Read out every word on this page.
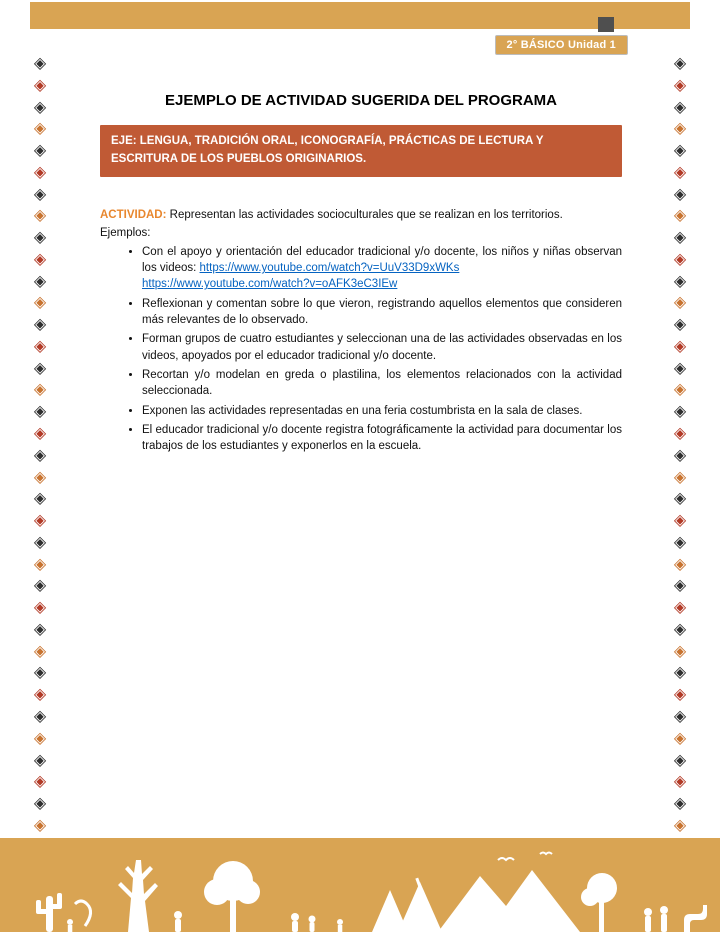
2° BÁSICO Unidad 1
◈
◈
◈
◈
◈
◈
◈
◈
◈
◈
◈
◈
◈
◈
◈
◈
◈
◈
◈
◈
◈
◈
◈
◈
◈
◈
◈
◈
◈
◈
◈
◈
◈
◈
◈
◈
◈
◈
◈
◈
◈
◈
◈
◈
◈
◈
◈
◈
◈
◈
◈
◈
◈
◈
◈
◈
◈
◈
◈
◈
◈
◈
◈
◈
◈
◈
◈
◈
◈
◈
◈
◈
EJEMPLO DE ACTIVIDAD SUGERIDA DEL PROGRAMA
EJE: LENGUA, TRADICIÓN ORAL, ICONOGRAFÍA, PRÁCTICAS DE LECTURA Y ESCRITURA DE LOS PUEBLOS ORIGINARIOS.

ACTIVIDAD: Representan las actividades socioculturales que se realizan en los territorios.

Ejemplos:
• Con el apoyo y orientación del educador tradicional y/o docente, los niños y niñas observan los videos: https://www.youtube.com/watch?v=UuV33D9xWKs
https://www.youtube.com/watch?v=oAFK3eC3IEw
• Reflexionan y comentan sobre lo que vieron, registrando aquellos elementos que consideren más relevantes de lo observado.
• Forman grupos de cuatro estudiantes y seleccionan una de las actividades observadas en los videos, apoyados por el educador tradicional y/o docente.
• Recortan y/o modelan en greda o plastilina, los elementos relacionados con la actividad seleccionada.
• Exponen las actividades representadas en una feria costumbrista en la sala de clases.
• El educador tradicional y/o docente registra fotográficamente la actividad para documentar los trabajos de los estudiantes y exponerlos en la escuela.
